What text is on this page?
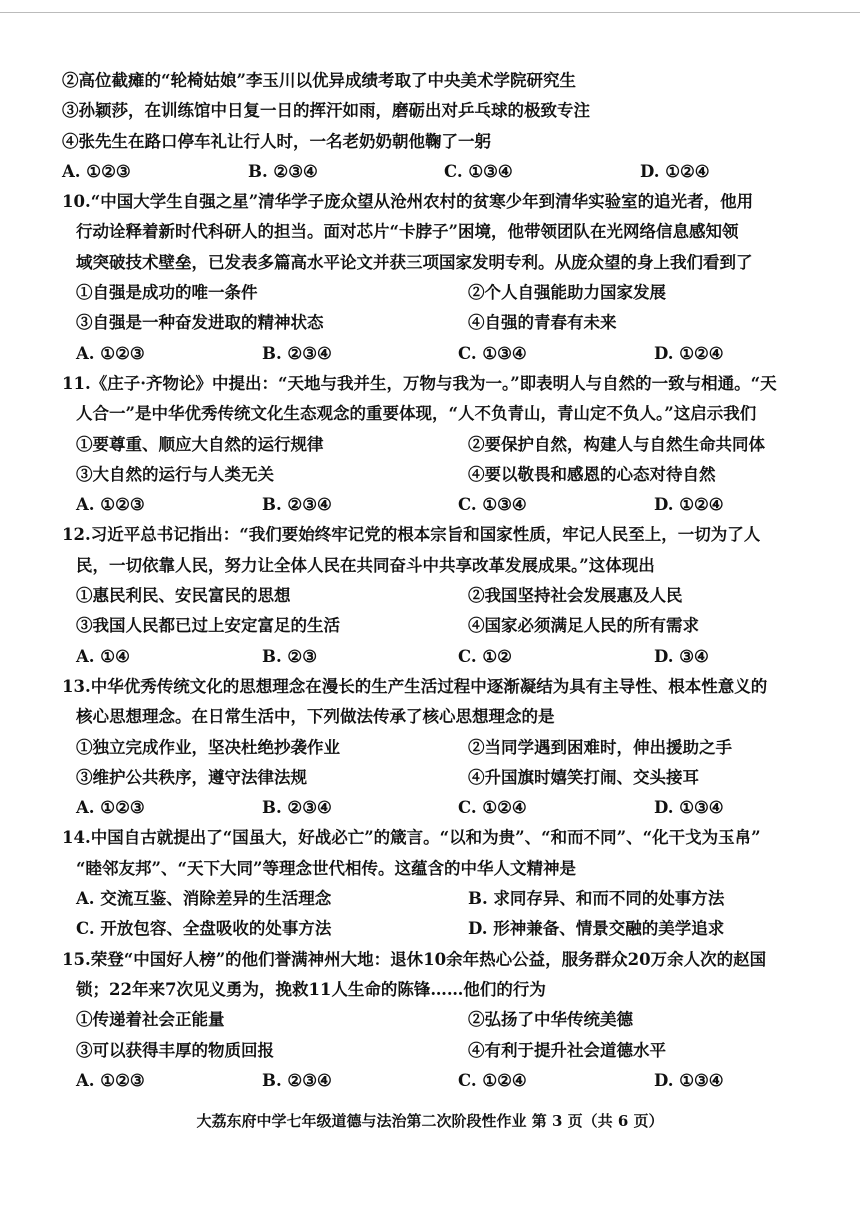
②高位截瘫的“轮椅姑娘”李玉川以优异成绩考取了中央美术学院研究生
③孙颖莎，在训练馆中日复一日的挥汗如雨，磨砺出对乒乓球的极致专注
④张先生在路口停车礼让行人时，一名老奶奶朝他鞠了一躬
A. ①②③	B. ②③④	C. ①③④	D. ①②④
10.“中国大学生自强之星”清华学子庞众望从沧州农村的贫寒少年到清华实验室的追光者，他用
行动诠释着新时代科研人的担当。面对芯片“卡脖子”困境，他带领团队在光网络信息感知领
域突破技术壁垒，已发表多篇高水平论文并获三项国家发明专利。从庞众望的身上我们看到了
①自强是成功的唯一条件	②个人自强能助力国家发展
③自强是一种奋发进取的精神状态	④自强的青春有未来
A. ①②③	B. ②③④	C. ①③④	D. ①②④
11.《庄子·齐物论》中提出：“天地与我并生，万物与我为一。”即表明人与自然的一致与相通。“天
人合一”是中华优秀传统文化生态观念的重要体现，“人不负青山，青山定不负人。”这启示我们
①要尊重、顺应大自然的运行规律	②要保护自然，构建人与自然生命共同体
③大自然的运行与人类无关	④要以敬畏和感恩的心态对待自然
A. ①②③	B. ②③④	C. ①③④	D. ①②④
12.习近平总书记指出：“我们要始终牢记党的根本宗旨和国家性质，牢记人民至上，一切为了人
民，一切依靠人民，努力让全体人民在共同奋斗中共享改革发展成果。”这体现出
①惠民利民、安民富民的思想	②我国坚持社会发展惠及人民
③我国人民都已过上安定富足的生活	④国家必须满足人民的所有需求
A. ①④	B. ②③	C. ①②	D. ③④
13.中华优秀传统文化的思想理念在漫长的生产生活过程中逐渐凝结为具有主导性、根本性意义的
核心思想理念。在日常生活中，下列做法传承了核心思想理念的是
①独立完成作业，坚决杜绝抄袭作业	②当同学遇到困难时，伸出援助之手
③维护公共秩序，遵守法律法规	④升国旗时嬉笑打闹、交头接耳
A. ①②③	B. ②③④	C. ①②④	D. ①③④
14.中国自古就提出了“国虽大，好战必亡”的箴言。“以和为贵”、“和而不同”、“化干戈为玉帛”
“睦邻友邦”、“天下大同”等理念世代相传。这蕴含的中华人文精神是
A. 交流互鉴、消除差异的生活理念	B. 求同存异、和而不同的处事方法
C. 开放包容、全盘吸收的处事方法	D. 形神兼备、情景交融的美学追求
15.荣登“中国好人榜”的他们誉满神州大地：退休10余年热心公益，服务群众20万余人次的赵国
锁；22年来7次见义勇为，挽救11人生命的陈锋……他们的行为
①传递着社会正能量	②弘扬了中华传统美德
③可以获得丰厚的物质回报	④有利于提升社会道德水平
A. ①②③	B. ②③④	C. ①②④	D. ①③④
大荔东府中学七年级道德与法治第二次阶段性作业 第 3 页（共 6 页）
